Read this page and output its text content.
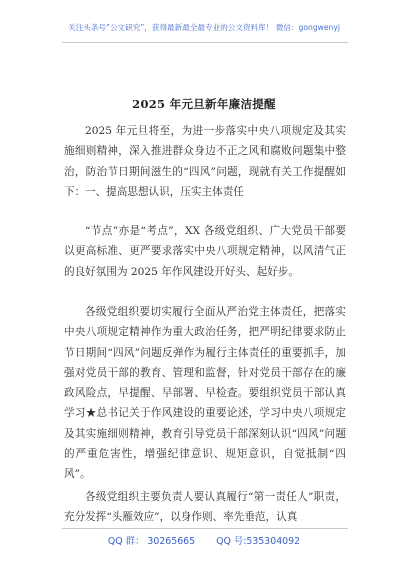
关注头条号“公文研究”，获得最新最全最专业的公文资料库！ 微信：gongwenyj
2025 年元旦新年廉洁提醒

2025 年元旦将至，为进一步落实中央八项规定及其实施细则精神，深入推进群众身边不正之风和腐败问题集中整治，防治节日期间滋生的“四风”问题，现就有关工作提醒如下： 一、提高思想认识，压实主体责任

“节点”亦是“考点”，XX 各级党组织、广大党员干部要以更高标准、更严要求落实中央八项规定精神，以风清气正的良好氛围为 2025 年作风建设开好头、起好步。

各级党组织要切实履行全面从严治党主体责任，把落实中央八项规定精神作为重大政治任务，把严明纪律要求防止节日期间“四风”问题反弹作为履行主体责任的重要抓手，加强对党员干部的教育、管理和监督，针对党员干部存在的廉政风险点，早提醒、早部署、早检查。要组织党员干部认真学习★总书记关于作风建设的重要论述，学习中央八项规定及其实施细则精神，教育引导党员干部深刻认识“四风”问题的严重危害性，增强纪律意识、规矩意识，自觉抵制“四风”。

各级党组织主要负责人要认真履行“第一责任人”职责，充分发挥“头雁效应”，以身作则、率先垂范，认真

QQ 群： 30265665 QQ 号:535304092
